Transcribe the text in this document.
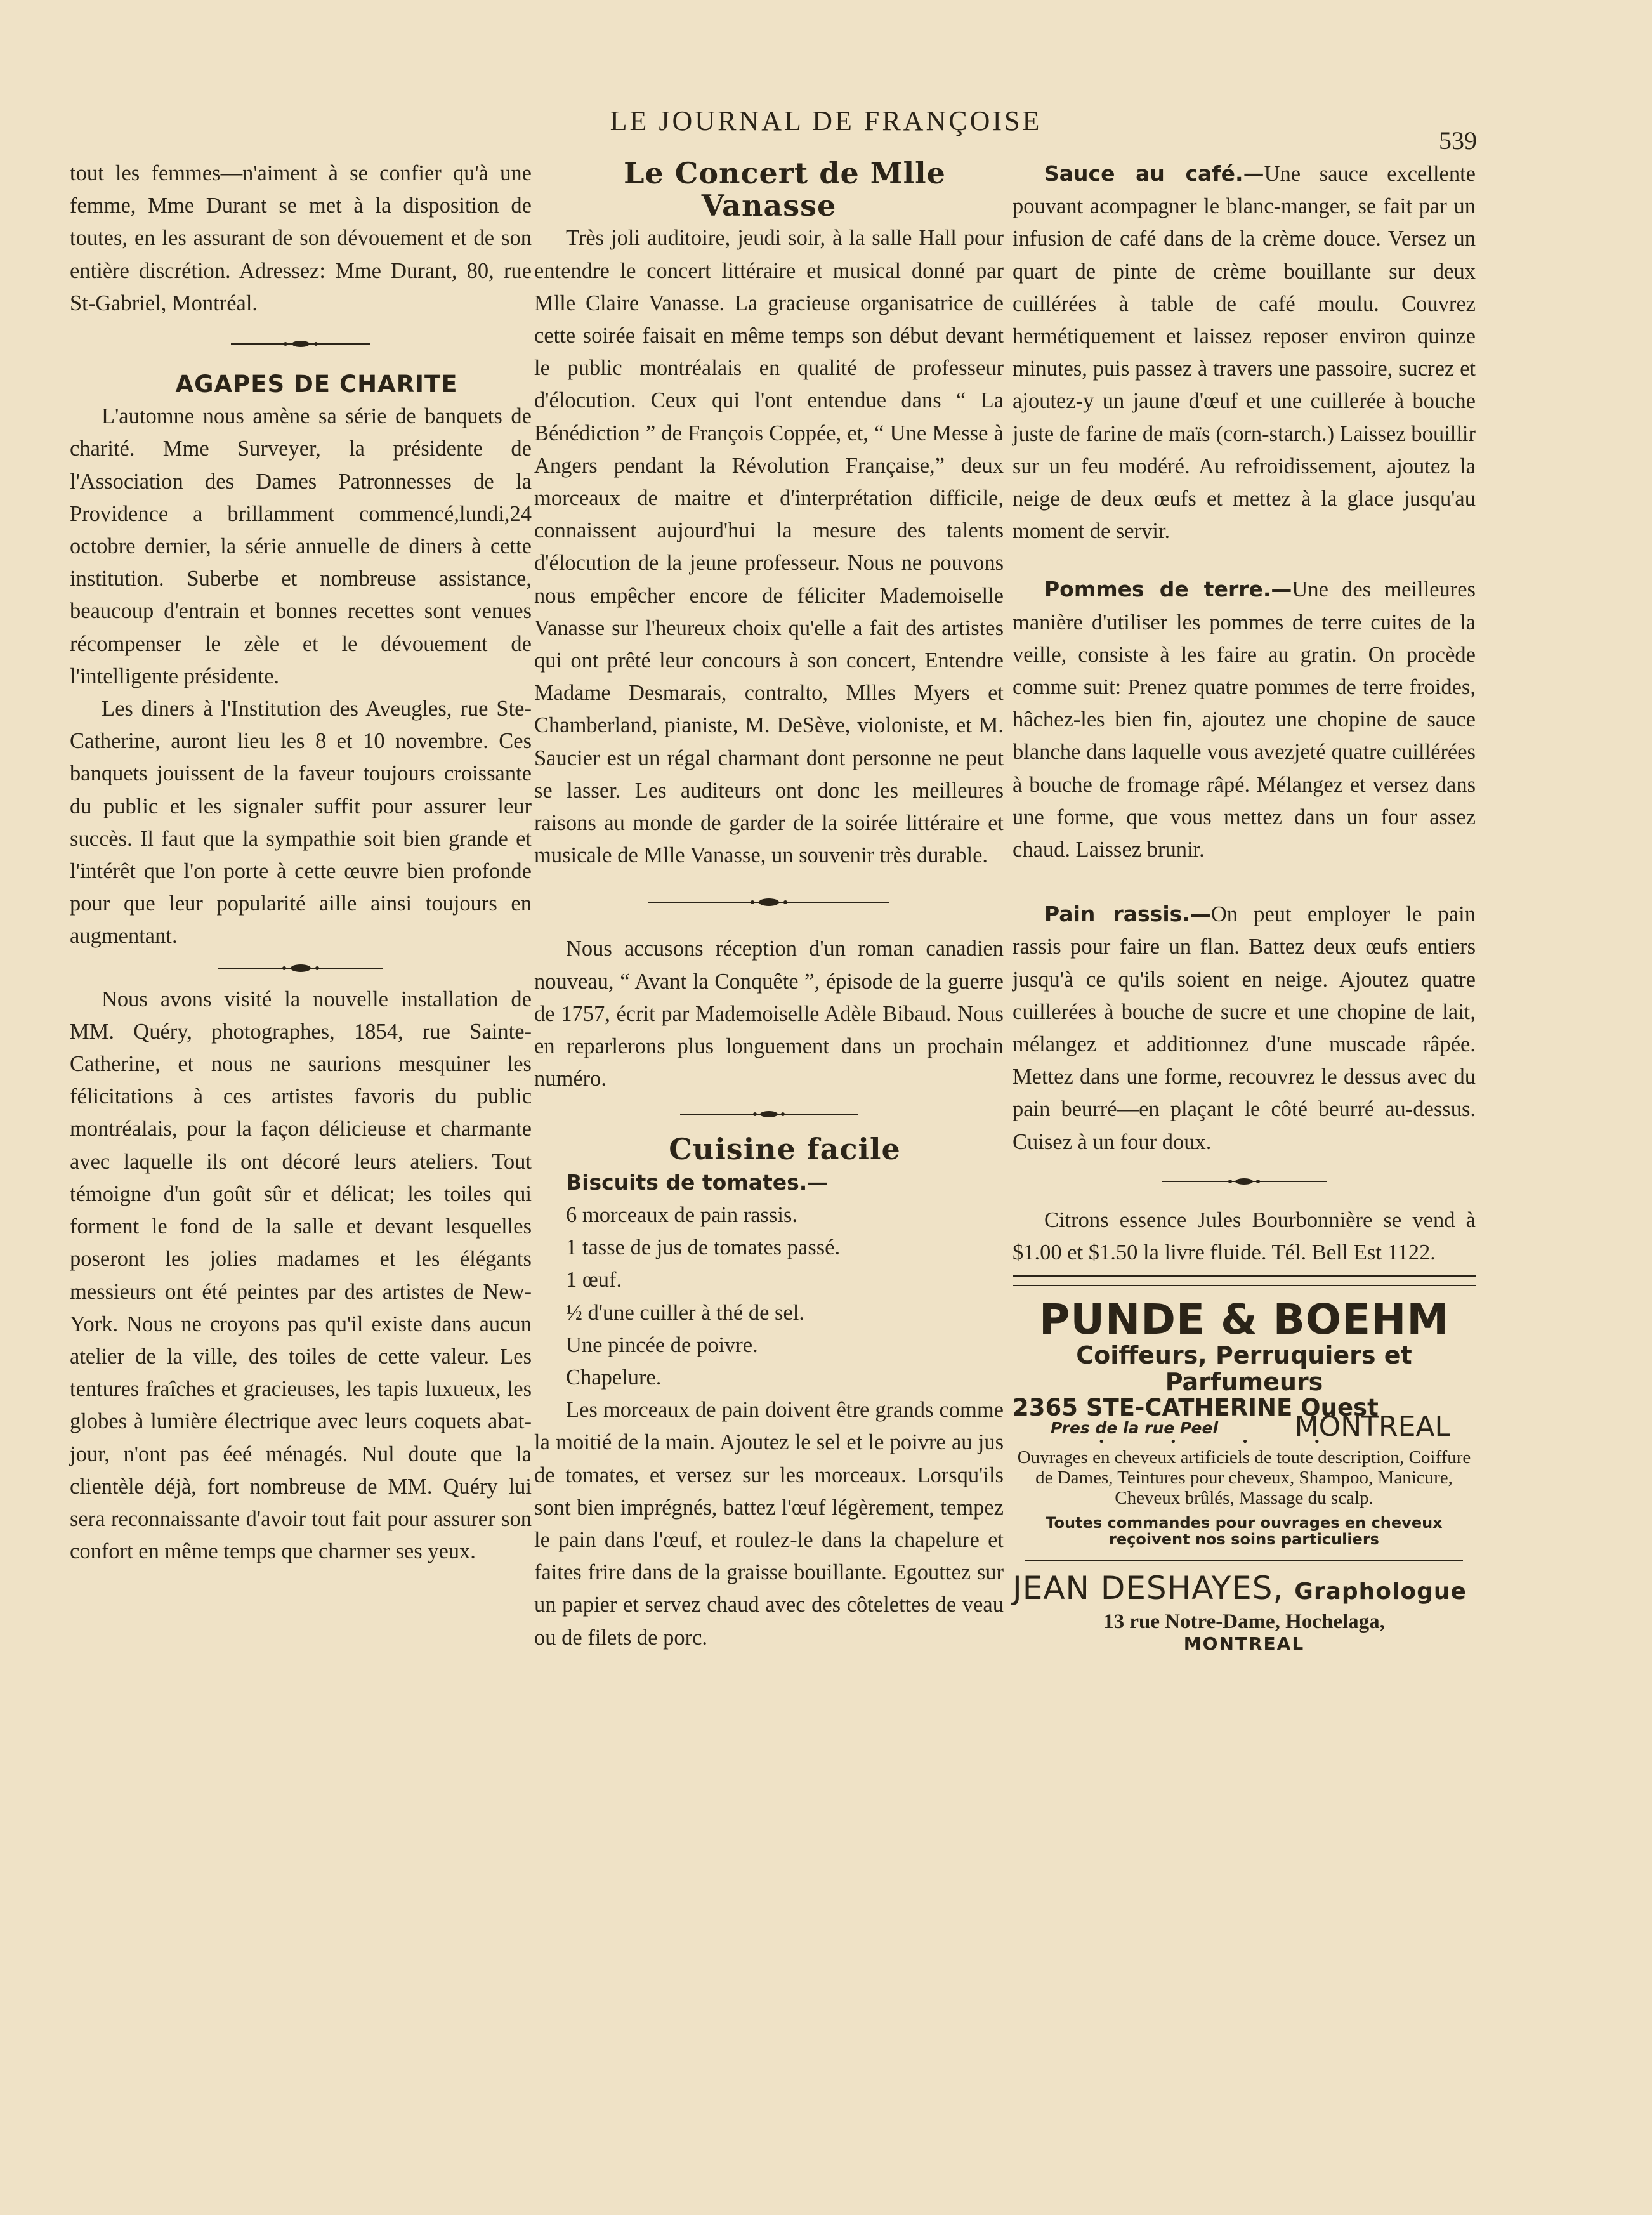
LE JOURNAL DE FRANÇOISE
539

tout les femmes—n'aiment à se confier qu'à une femme, Mme Durant se met à la disposition de toutes, en les assurant de son dévouement et de son entière discrétion. Adressez: Mme Durant, 80, rue St-Gabriel, Montréal.

AGAPES DE CHARITE

L'automne nous amène sa série de banquets de charité. Mme Surveyer, la présidente de l'Association des Dames Patronnesses de la Providence a brillamment commencé,lundi,24 octobre dernier, la série annuelle de diners à cette institution. Suberbe et nombreuse assistance, beaucoup d'entrain et bonnes recettes sont venues récompenser le zèle et le dévouement de l'intelligente présidente.

Les diners à l'Institution des Aveugles, rue Ste-Catherine, auront lieu les 8 et 10 novembre. Ces banquets jouissent de la faveur toujours croissante du public et les signaler suffit pour assurer leur succès. Il faut que la sympathie soit bien grande et l'intérêt que l'on porte à cette œuvre bien profonde pour que leur popularité aille ainsi toujours en augmentant.

Nous avons visité la nouvelle installation de MM. Quéry, photographes, 1854, rue Sainte-Catherine, et nous ne saurions mesquiner les félicitations à ces artistes favoris du public montréalais, pour la façon délicieuse et charmante avec laquelle ils ont décoré leurs ateliers. Tout témoigne d'un goût sûr et délicat; les toiles qui forment le fond de la salle et devant lesquelles poseront les jolies madames et les élégants messieurs ont été peintes par des artistes de New-York. Nous ne croyons pas qu'il existe dans aucun atelier de la ville, des toiles de cette valeur. Les tentures fraîches et gracieuses, les tapis luxueux, les globes à lumière électrique avec leurs coquets abat-jour, n'ont pas éeé ménagés. Nul doute que la clientèle déjà, fort nombreuse de MM. Quéry lui sera reconnaissante d'avoir tout fait pour assurer son confort en même temps que charmer ses yeux.

Le Concert de Mlle Vanasse

Très joli auditoire, jeudi soir, à la salle Hall pour entendre le concert littéraire et musical donné par Mlle Claire Vanasse. La gracieuse organisatrice de cette soirée faisait en même temps son début devant le public montréalais en qualité de professeur d'élocution. Ceux qui l'ont entendue dans “ La Bénédiction ” de François Coppée, et, “ Une Messe à Angers pendant la Révolution Française,” deux morceaux de maitre et d'interprétation difficile, connaissent aujourd'hui la mesure des talents d'élocution de la jeune professeur. Nous ne pouvons nous empêcher encore de féliciter Mademoiselle Vanasse sur l'heureux choix qu'elle a fait des artistes qui ont prêté leur concours à son concert, Entendre Madame Desmarais, contralto, Mlles Myers et Chamberland, pianiste, M. DeSève, violoniste, et M. Saucier est un régal charmant dont personne ne peut se lasser. Les auditeurs ont donc les meilleures raisons au monde de garder de la soirée littéraire et musicale de Mlle Vanasse, un souvenir très durable.

Nous accusons réception d'un roman canadien nouveau, “ Avant la Conquête ”, épisode de la guerre de 1757, écrit par Mademoiselle Adèle Bibaud. Nous en reparlerons plus longuement dans un prochain numéro.

Cuisine facile

Biscuits de tomates.—

6 morceaux de pain rassis.

1 tasse de jus de tomates passé.

1 œuf.

½ d'une cuiller à thé de sel.

Une pincée de poivre.

Chapelure.

Les morceaux de pain doivent être grands comme la moitié de la main. Ajoutez le sel et le poivre au jus de tomates, et versez sur les morceaux. Lorsqu'ils sont bien imprégnés, battez l'œuf légèrement, tempez le pain dans l'œuf, et roulez-le dans la chapelure et faites frire dans de la graisse bouillante. Egouttez sur un papier et servez chaud avec des côtelettes de veau ou de filets de porc.

Sauce au café.—Une sauce excellente pouvant acompagner le blanc-manger, se fait par un infusion de café dans de la crème douce. Versez un quart de pinte de crème bouillante sur deux cuillérées à table de café moulu. Couvrez hermétiquement et laissez reposer environ quinze minutes, puis passez à travers une passoire, sucrez et ajoutez-y un jaune d'œuf et une cuillerée à bouche juste de farine de maïs (corn-starch.) Laissez bouillir sur un feu modéré. Au refroidissement, ajoutez la neige de deux œufs et mettez à la glace jusqu'au moment de servir.

Pommes de terre.—Une des meilleures manière d'utiliser les pommes de terre cuites de la veille, consiste à les faire au gratin. On procède comme suit: Prenez quatre pommes de terre froides, hâchez-les bien fin, ajoutez une chopine de sauce blanche dans laquelle vous avezjeté quatre cuillérées à bouche de fromage râpé. Mélangez et versez dans une forme, que vous mettez dans un four assez chaud. Laissez brunir.

Pain rassis.—On peut employer le pain rassis pour faire un flan. Battez deux œufs entiers jusqu'à ce qu'ils soient en neige. Ajoutez quatre cuillerées à bouche de sucre et une chopine de lait, mélangez et additionnez d'une muscade râpée. Mettez dans une forme, recouvrez le dessus avec du pain beurré—en plaçant le côté beurré au-dessus. Cuisez à un four doux.

Citrons essence Jules Bourbonnière se vend à $1.00 et $1.50 la livre fluide. Tél. Bell Est 1122.

PUNDE & BOEHM
Coiffeurs, Perruquiers et
Parfumeurs
2365 STE-CATHERINE Ouest
MONTREAL
Pres de la rue Peel
• • • •
Ouvrages en cheveux artificiels de toute description, Coiffure de Dames, Teintures pour cheveux, Shampoo, Manicure, Cheveux brûlés, Massage du scalp.
Toutes commandes pour ouvrages en cheveux reçoivent nos soins particuliers
JEAN DESHAYES, Graphologue
13 rue Notre-Dame, Hochelaga,
MONTREAL
